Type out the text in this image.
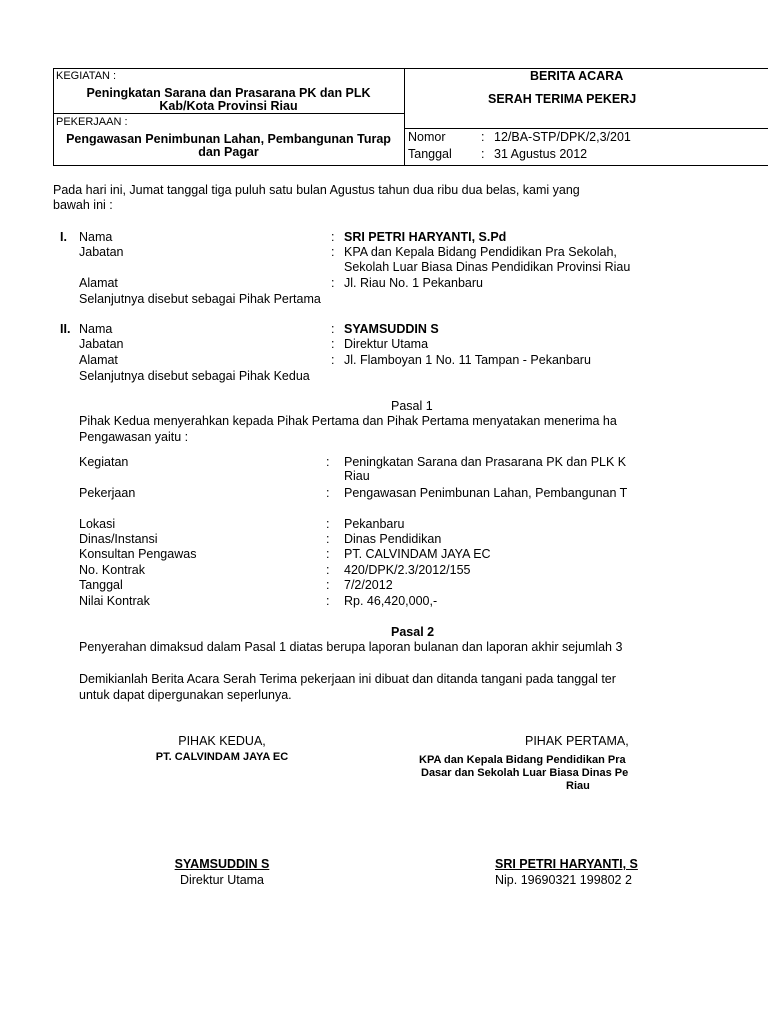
KEGIATAN :
Peningkatan Sarana dan Prasarana PK dan PLK
Kab/Kota Provinsi Riau
PEKERJAAN :
Pengawasan Penimbunan Lahan, Pembangunan Turap
dan Pagar
BERITA ACARA
SERAH TERIMA PEKERJ
Nomor	: 12/BA-STP/DPK/2,3/201
Tanggal : 31 Agustus 2012
Pada hari ini, Jumat tanggal tiga puluh satu bulan Agustus tahun dua ribu dua belas, kami yang
bawah ini :
I. Nama	: SRI PETRI HARYANTI, S.Pd
Jabatan	: KPA dan Kepala Bidang Pendidikan Pra Sekolah,
Sekolah Luar Biasa Dinas Pendidikan Provinsi Riau
Alamat	: Jl. Riau No. 1 Pekanbaru
Selanjutnya disebut sebagai Pihak Pertama
II. Nama	: SYAMSUDDIN S
Jabatan	: Direktur Utama
Alamat	: Jl. Flamboyan 1 No. 11 Tampan - Pekanbaru
Selanjutnya disebut sebagai Pihak Kedua
Pasal 1
Pihak Kedua menyerahkan kepada Pihak Pertama dan Pihak Pertama menyatakan menerima ha
Pengawasan yaitu :
Kegiatan	: Peningkatan Sarana dan Prasarana PK dan PLK K
Riau
Pekerjaan	: Pengawasan Penimbunan Lahan, Pembangunan T
Lokasi	: Pekanbaru
Dinas/Instansi	: Dinas Pendidikan
Konsultan Pengawas	: PT. CALVINDAM JAYA EC
No. Kontrak	: 420/DPK/2.3/2012/155
Tanggal	: 7/2/2012
Nilai Kontrak	: Rp. 46,420,000,-
Pasal 2
Penyerahan dimaksud dalam Pasal 1 diatas berupa laporan bulanan dan laporan akhir sejumlah 3
Demikianlah Berita Acara Serah Terima pekerjaan ini dibuat dan ditanda tangani pada tanggal ter
untuk dapat dipergunakan seperlunya.
PIHAK KEDUA,
PT. CALVINDAM JAYA EC
SYAMSUDDIN S
Direktur Utama
PIHAK PERTAMA,
KPA dan Kepala Bidang Pendidikan Pra
Dasar dan Sekolah Luar Biasa Dinas Pe
Riau
SRI PETRI HARYANTI, S
Nip. 19690321 199802 2
